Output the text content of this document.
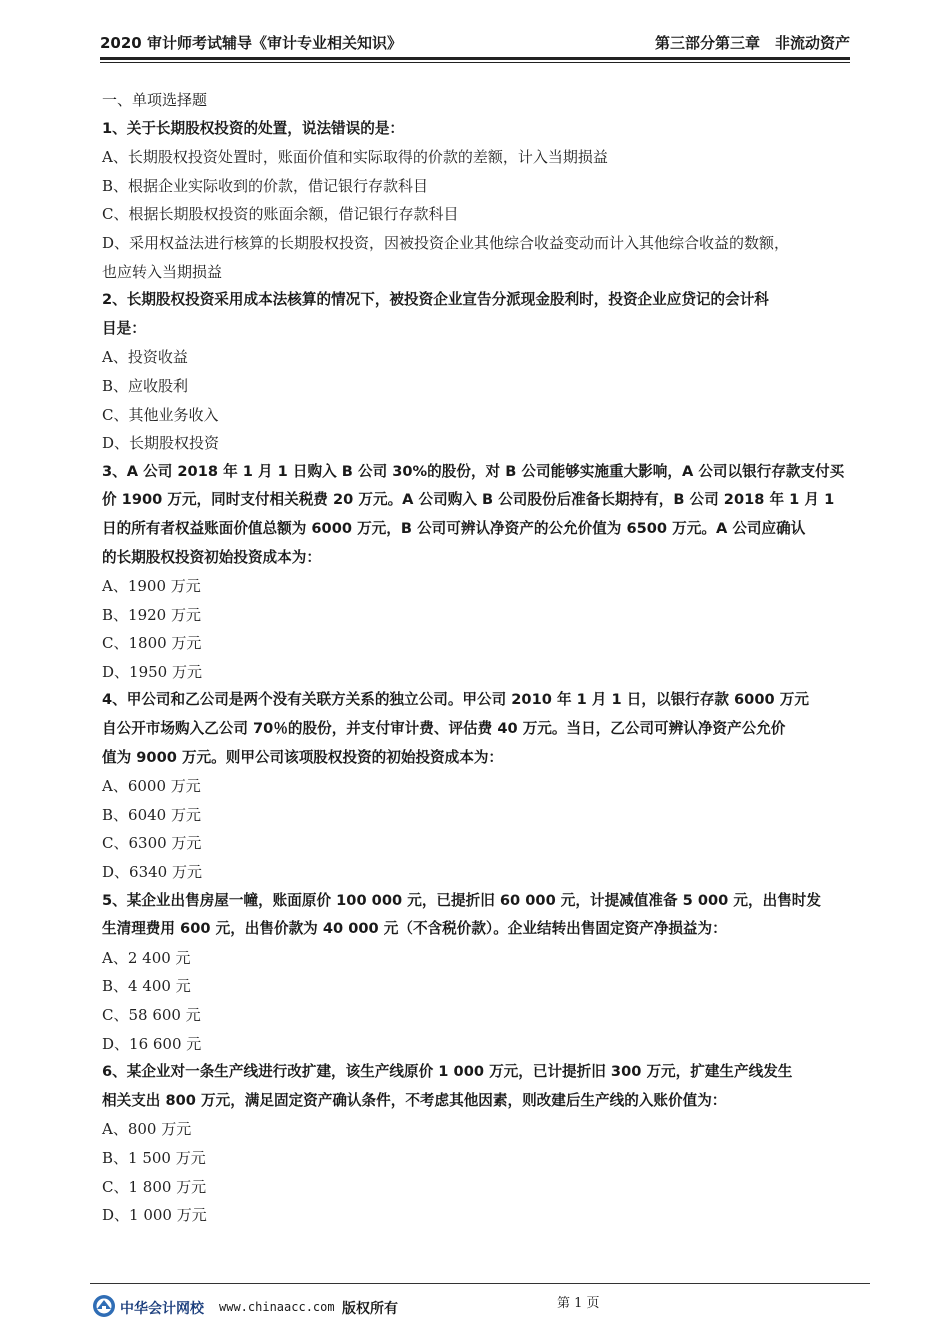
2020 审计师考试辅导《审计专业相关知识》	第三部分第三章　非流动资产
一、单项选择题
1、关于长期股权投资的处置，说法错误的是：
A、长期股权投资处置时，账面价值和实际取得的价款的差额，计入当期损益
B、根据企业实际收到的价款，借记银行存款科目
C、根据长期股权投资的账面余额，借记银行存款科目
D、采用权益法进行核算的长期股权投资，因被投资企业其他综合收益变动而计入其他综合收益的数额，
也应转入当期损益
2、长期股权投资采用成本法核算的情况下，被投资企业宣告分派现金股利时，投资企业应贷记的会计科
目是：
A、投资收益
B、应收股利
C、其他业务收入
D、长期股权投资
3、A 公司 2018 年 1 月 1 日购入 B 公司 30%的股份，对 B 公司能够实施重大影响，A 公司以银行存款支付买
价 1900 万元，同时支付相关税费 20 万元。A 公司购入 B 公司股份后准备长期持有，B 公司 2018 年 1 月 1
日的所有者权益账面价值总额为 6000 万元，B 公司可辨认净资产的公允价值为 6500 万元。A 公司应确认
的长期股权投资初始投资成本为：
A、1900 万元
B、1920 万元
C、1800 万元
D、1950 万元
4、甲公司和乙公司是两个没有关联方关系的独立公司。甲公司 2010 年 1 月 1 日，以银行存款 6000 万元
自公开市场购入乙公司 70％的股份，并支付审计费、评估费 40 万元。当日，乙公司可辨认净资产公允价
值为 9000 万元。则甲公司该项股权投资的初始投资成本为：
A、6000 万元
B、6040 万元
C、6300 万元
D、6340 万元
5、某企业出售房屋一幢，账面原价 100 000 元，已提折旧 60 000 元，计提减值准备 5 000 元，出售时发
生清理费用 600 元，出售价款为 40 000 元（不含税价款）。企业结转出售固定资产净损益为：
A、2 400 元
B、4 400 元
C、58 600 元
D、16 600 元
6、某企业对一条生产线进行改扩建，该生产线原价 1 000 万元，已计提折旧 300 万元，扩建生产线发生
相关支出 800 万元，满足固定资产确认条件，不考虑其他因素，则改建后生产线的入账价值为：
A、800 万元
B、1 500 万元
C、1 800 万元
D、1 000 万元
中华会计网校 www.chinaacc.com 版权所有	第 1 页
